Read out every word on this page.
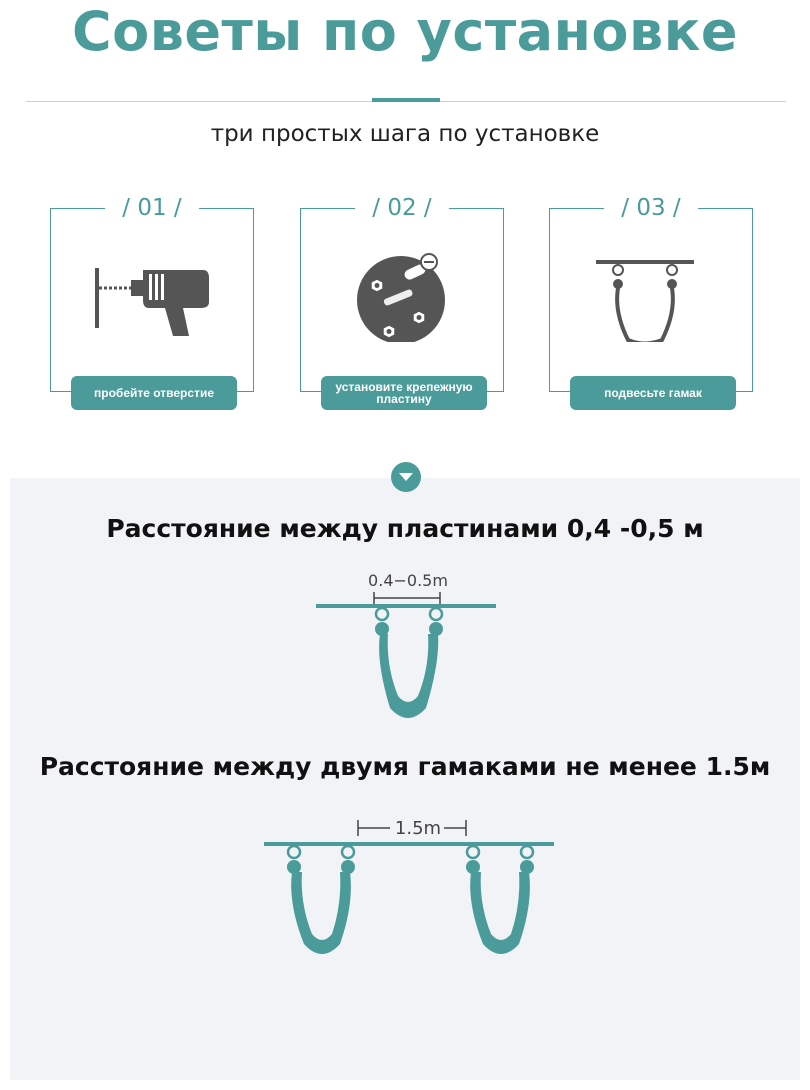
Советы по установке
три простых шага по установке
/ 01 /
пробейте отверстие
/ 02 /
установите крепежную пластину
/ 03 /
подвесьте гамак
Расстояние между пластинами 0,4 -0,5 м
0.4−0.5m
Расстояние между двумя гамаками не менее 1.5м
1.5m
